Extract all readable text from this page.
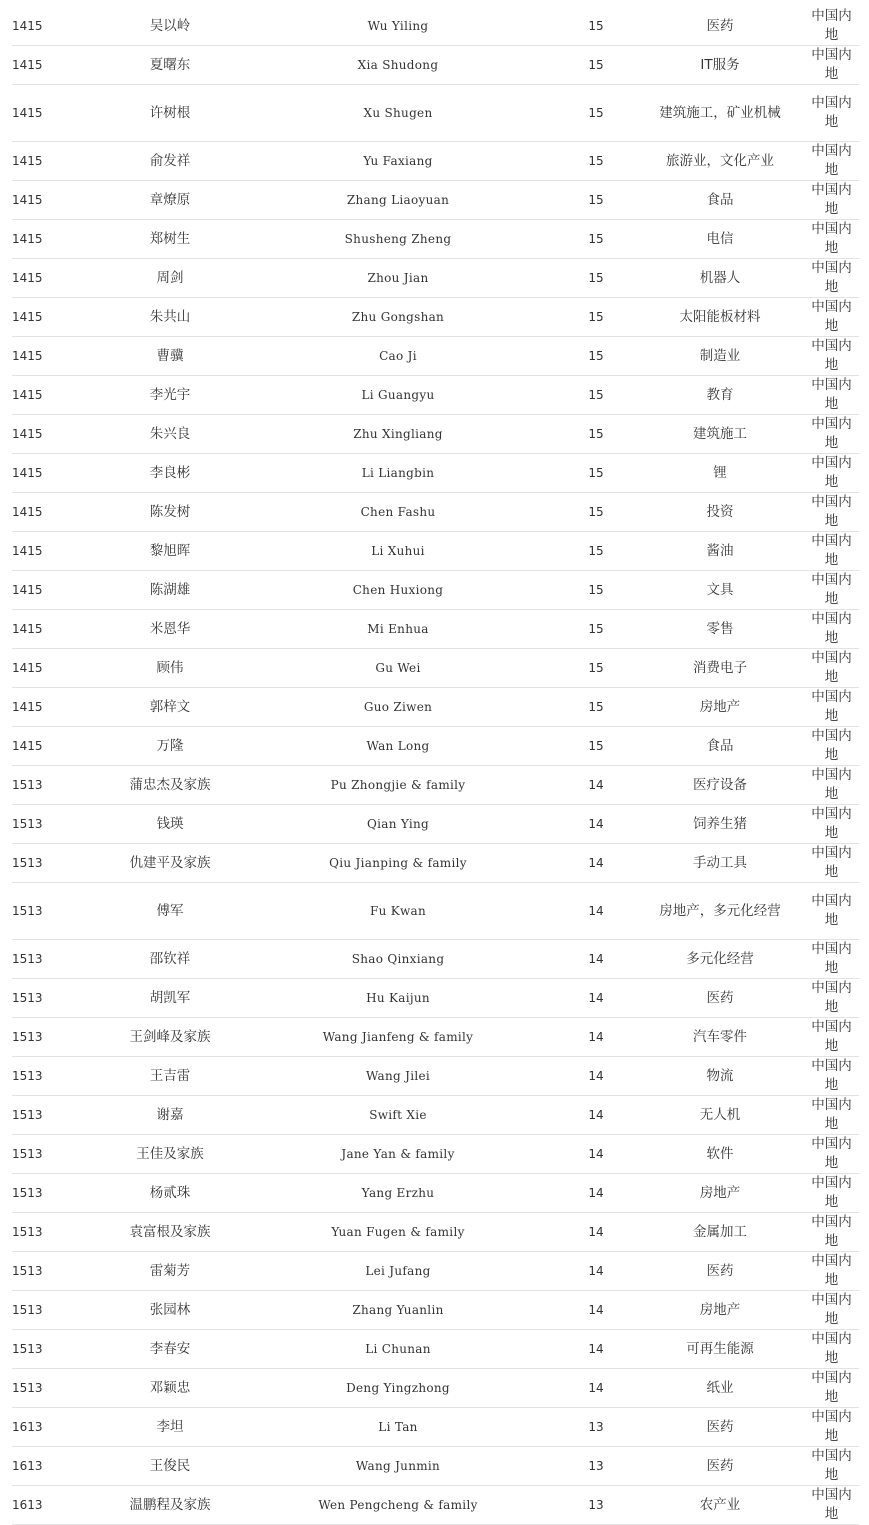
1415	吴以岭	Wu Yiling	15	医药	中国内地
1415	夏曙东	Xia Shudong	15	IT服务	中国内地
1415	许树根	Xu Shugen	15	建筑施工，矿业机械	中国内地
1415	俞发祥	Yu Faxiang	15	旅游业，文化产业	中国内地
1415	章燎原	Zhang Liaoyuan	15	食品	中国内地
1415	郑树生	Shusheng Zheng	15	电信	中国内地
1415	周剑	Zhou Jian	15	机器人	中国内地
1415	朱共山	Zhu Gongshan	15	太阳能板材料	中国内地
1415	曹骥	Cao Ji	15	制造业	中国内地
1415	李光宇	Li Guangyu	15	教育	中国内地
1415	朱兴良	Zhu Xingliang	15	建筑施工	中国内地
1415	李良彬	Li Liangbin	15	锂	中国内地
1415	陈发树	Chen Fashu	15	投资	中国内地
1415	黎旭晖	Li Xuhui	15	酱油	中国内地
1415	陈湖雄	Chen Huxiong	15	文具	中国内地
1415	米恩华	Mi Enhua	15	零售	中国内地
1415	顾伟	Gu Wei	15	消费电子	中国内地
1415	郭梓文	Guo Ziwen	15	房地产	中国内地
1415	万隆	Wan Long	15	食品	中国内地
1513	蒲忠杰及家族	Pu Zhongjie & family	14	医疗设备	中国内地
1513	钱瑛	Qian Ying	14	饲养生猪	中国内地
1513	仇建平及家族	Qiu Jianping & family	14	手动工具	中国内地
1513	傅军	Fu Kwan	14	房地产，多元化经营	中国内地
1513	邵钦祥	Shao Qinxiang	14	多元化经营	中国内地
1513	胡凯军	Hu Kaijun	14	医药	中国内地
1513	王剑峰及家族	Wang Jianfeng & family	14	汽车零件	中国内地
1513	王吉雷	Wang Jilei	14	物流	中国内地
1513	谢嘉	Swift Xie	14	无人机	中国内地
1513	王佳及家族	Jane Yan & family	14	软件	中国内地
1513	杨贰珠	Yang Erzhu	14	房地产	中国内地
1513	袁富根及家族	Yuan Fugen & family	14	金属加工	中国内地
1513	雷菊芳	Lei Jufang	14	医药	中国内地
1513	张园林	Zhang Yuanlin	14	房地产	中国内地
1513	李春安	Li Chunan	14	可再生能源	中国内地
1513	邓颖忠	Deng Yingzhong	14	纸业	中国内地
1613	李坦	Li Tan	13	医药	中国内地
1613	王俊民	Wang Junmin	13	医药	中国内地
1613	温鹏程及家族	Wen Pengcheng & family	13	农产业	中国内地
